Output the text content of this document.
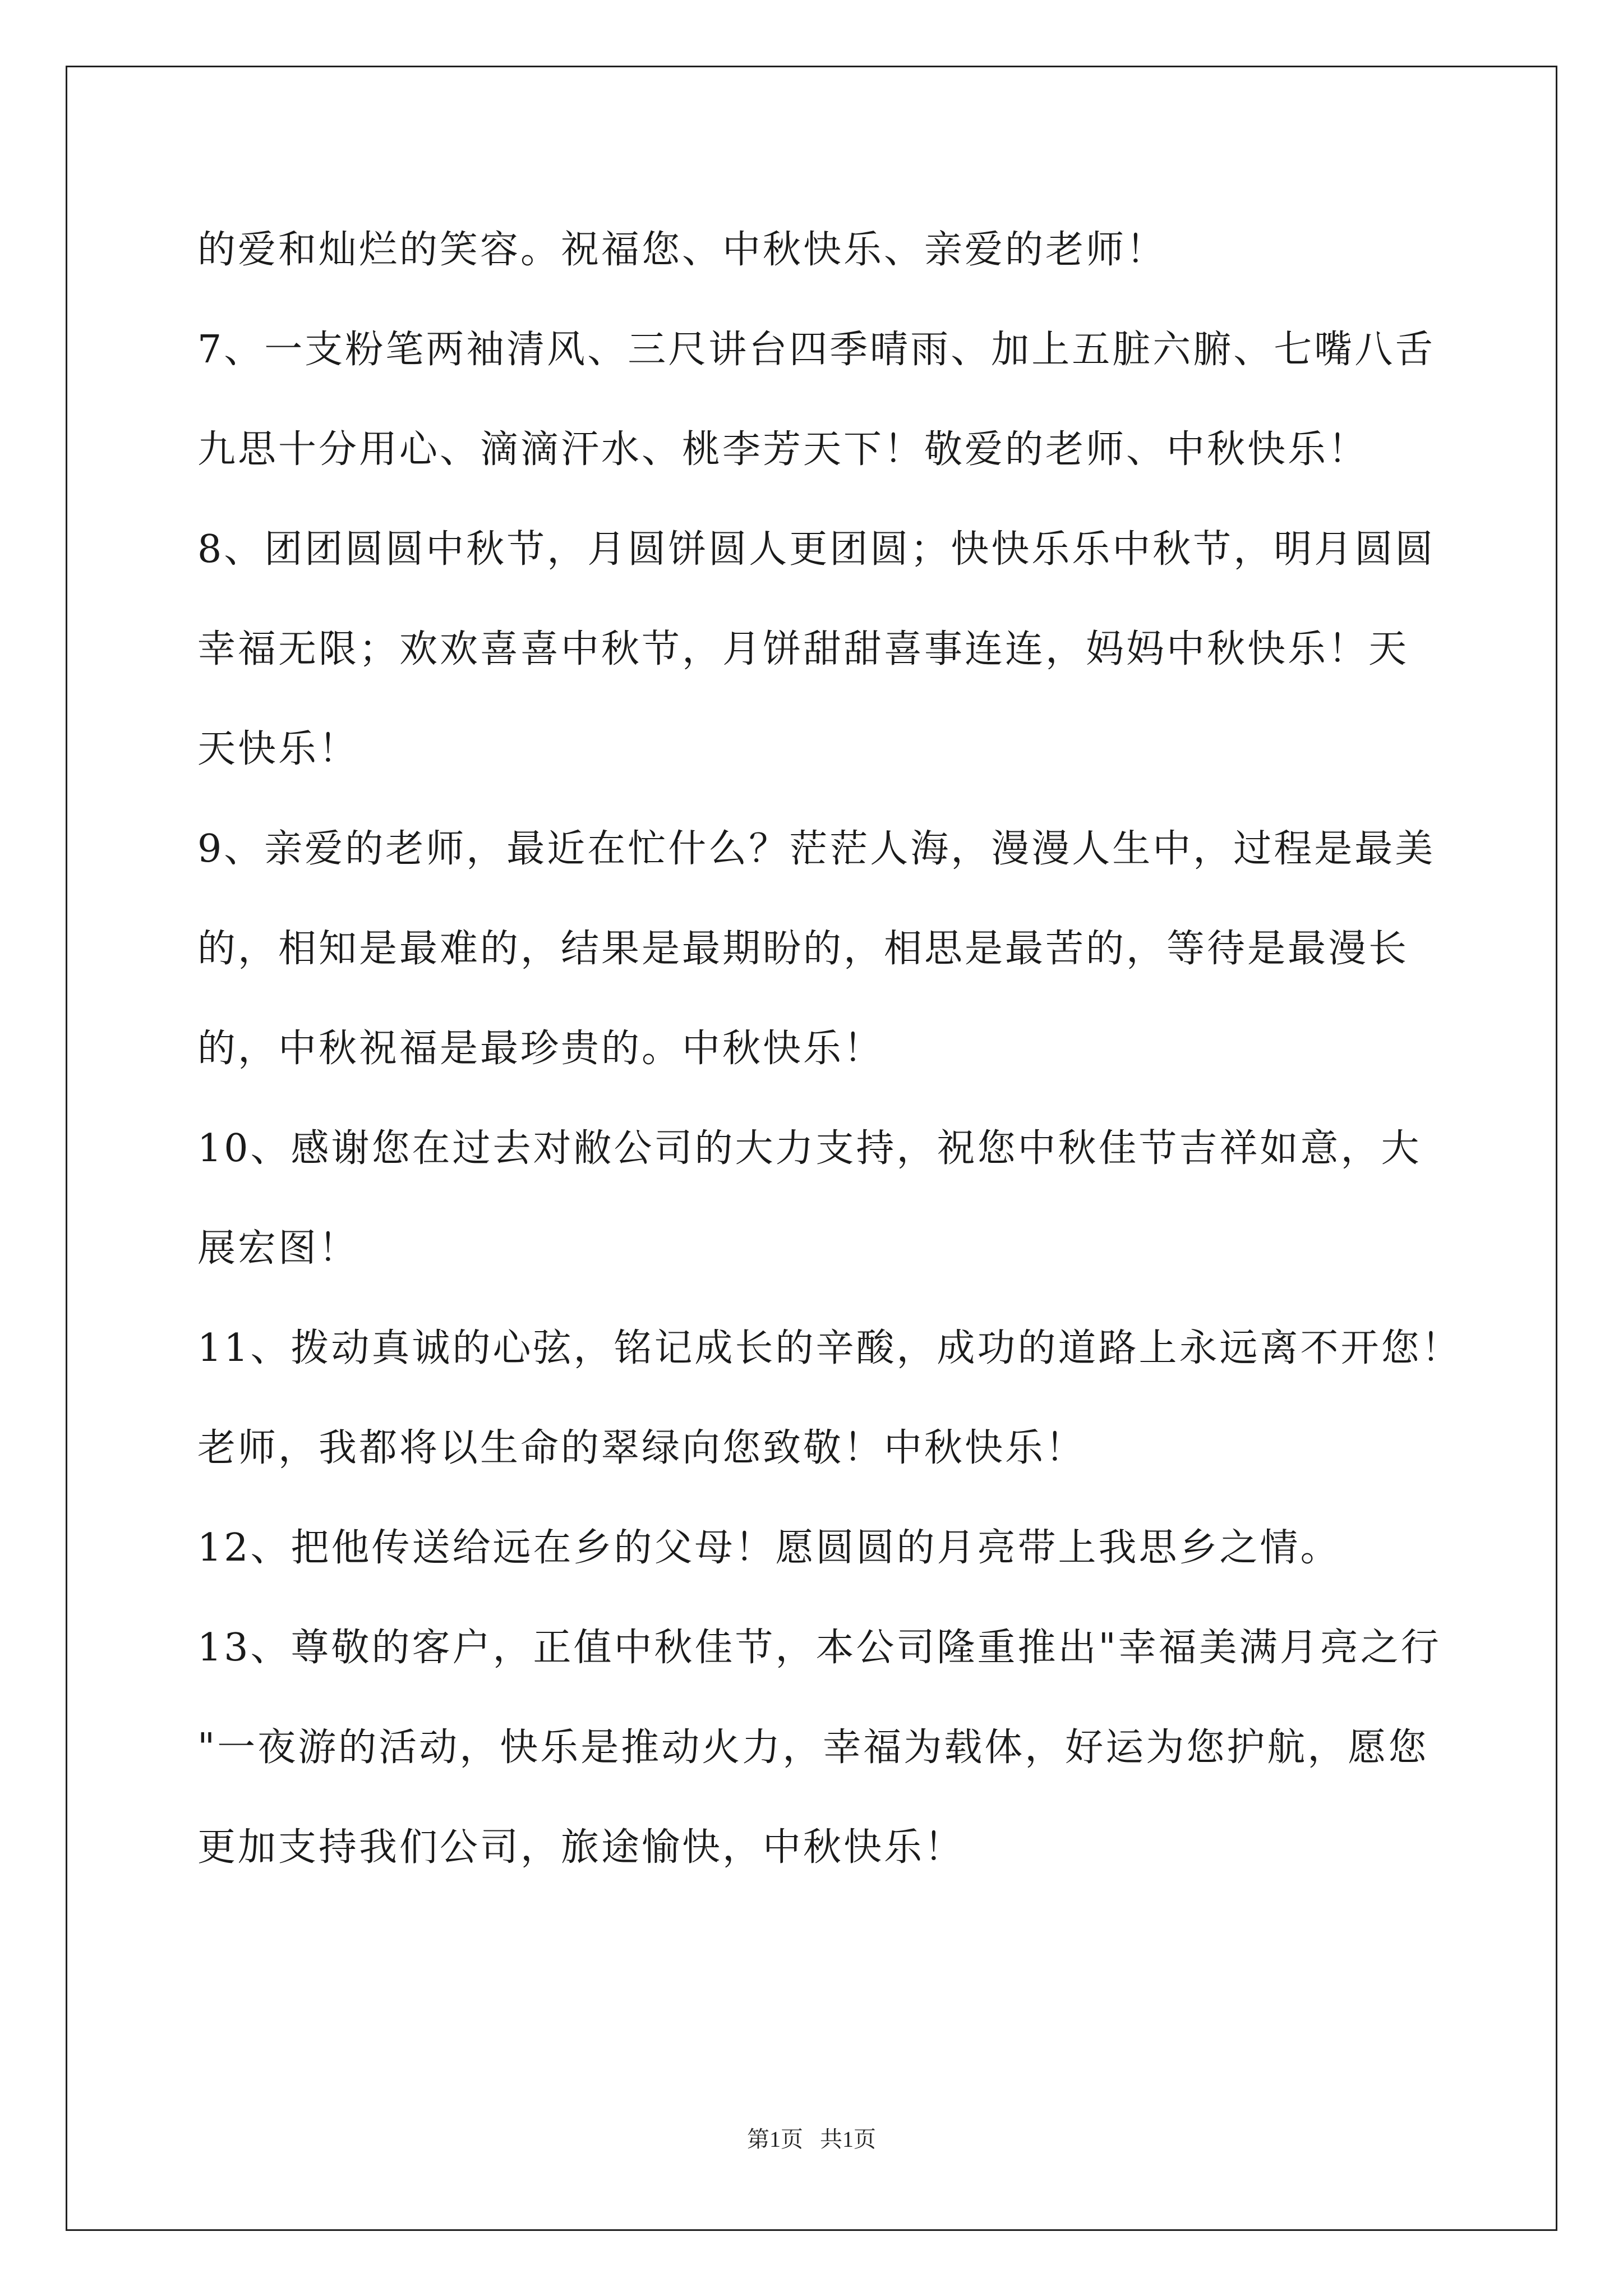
的爱和灿烂的笑容。祝福您、中秋快乐、亲爱的老师！
7、一支粉笔两袖清风、三尺讲台四季晴雨、加上五脏六腑、七嘴八舌
九思十分用心、滴滴汗水、桃李芳天下！敬爱的老师、中秋快乐！
8、团团圆圆中秋节，月圆饼圆人更团圆；快快乐乐中秋节，明月圆圆
幸福无限；欢欢喜喜中秋节，月饼甜甜喜事连连，妈妈中秋快乐！天
天快乐！
9、亲爱的老师，最近在忙什么？茫茫人海，漫漫人生中，过程是最美
的，相知是最难的，结果是最期盼的，相思是最苦的，等待是最漫长
的，中秋祝福是最珍贵的。中秋快乐！
10、感谢您在过去对敝公司的大力支持，祝您中秋佳节吉祥如意，大
展宏图！
11、拨动真诚的心弦，铭记成长的辛酸，成功的道路上永远离不开您！
老师，我都将以生命的翠绿向您致敬！中秋快乐！
12、把他传送给远在乡的父母！愿圆圆的月亮带上我思乡之情。
13、尊敬的客户，正值中秋佳节，本公司隆重推出"幸福美满月亮之行
"一夜游的活动，快乐是推动火力，幸福为载体，好运为您护航，愿您
更加支持我们公司，旅途愉快，中秋快乐！
第1页   共1页
